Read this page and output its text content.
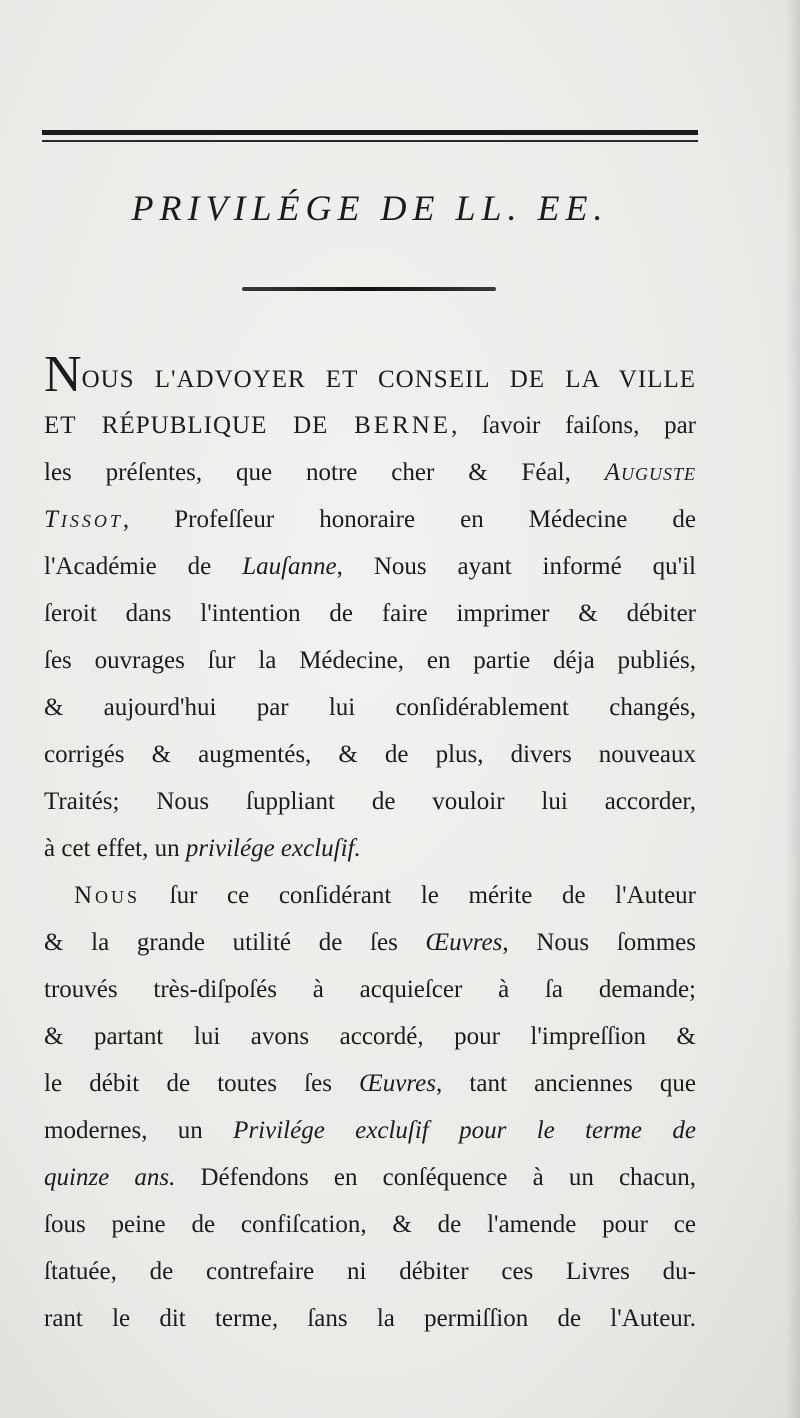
PRIVILÉGE DE LL. EE.
NOUS L'ADVOYER ET CONSEIL DE LA VILLE
ET RÉPUBLIQUE DE BERNE, ſavoir faiſons, par
les préſentes, que notre cher & Féal, Auguste
Tissot, Profeſſeur honoraire en Médecine de
l'Académie de Lauſanne, Nous ayant informé qu'il
ſeroit dans l'intention de faire imprimer & débiter
ſes ouvrages ſur la Médecine, en partie déja publiés,
& aujourd'hui par lui conſidérablement changés,
corrigés & augmentés, & de plus, divers nouveaux
Traités; Nous ſuppliant de vouloir lui accorder,
à cet effet, un privilége excluſif.
Nous ſur ce conſidérant le mérite de l'Auteur
& la grande utilité de ſes Œuvres, Nous ſommes
trouvés très-diſpoſés à acquieſcer à ſa demande;
& partant lui avons accordé, pour l'impreſſion &
le débit de toutes ſes Œuvres, tant anciennes que
modernes, un Privilége excluſif pour le terme de
quinze ans. Défendons en conſéquence à un chacun,
ſous peine de confiſcation, & de l'amende pour ce
ſtatuée, de contrefaire ni débiter ces Livres du-
rant le dit terme, ſans la permiſſion de l'Auteur.
